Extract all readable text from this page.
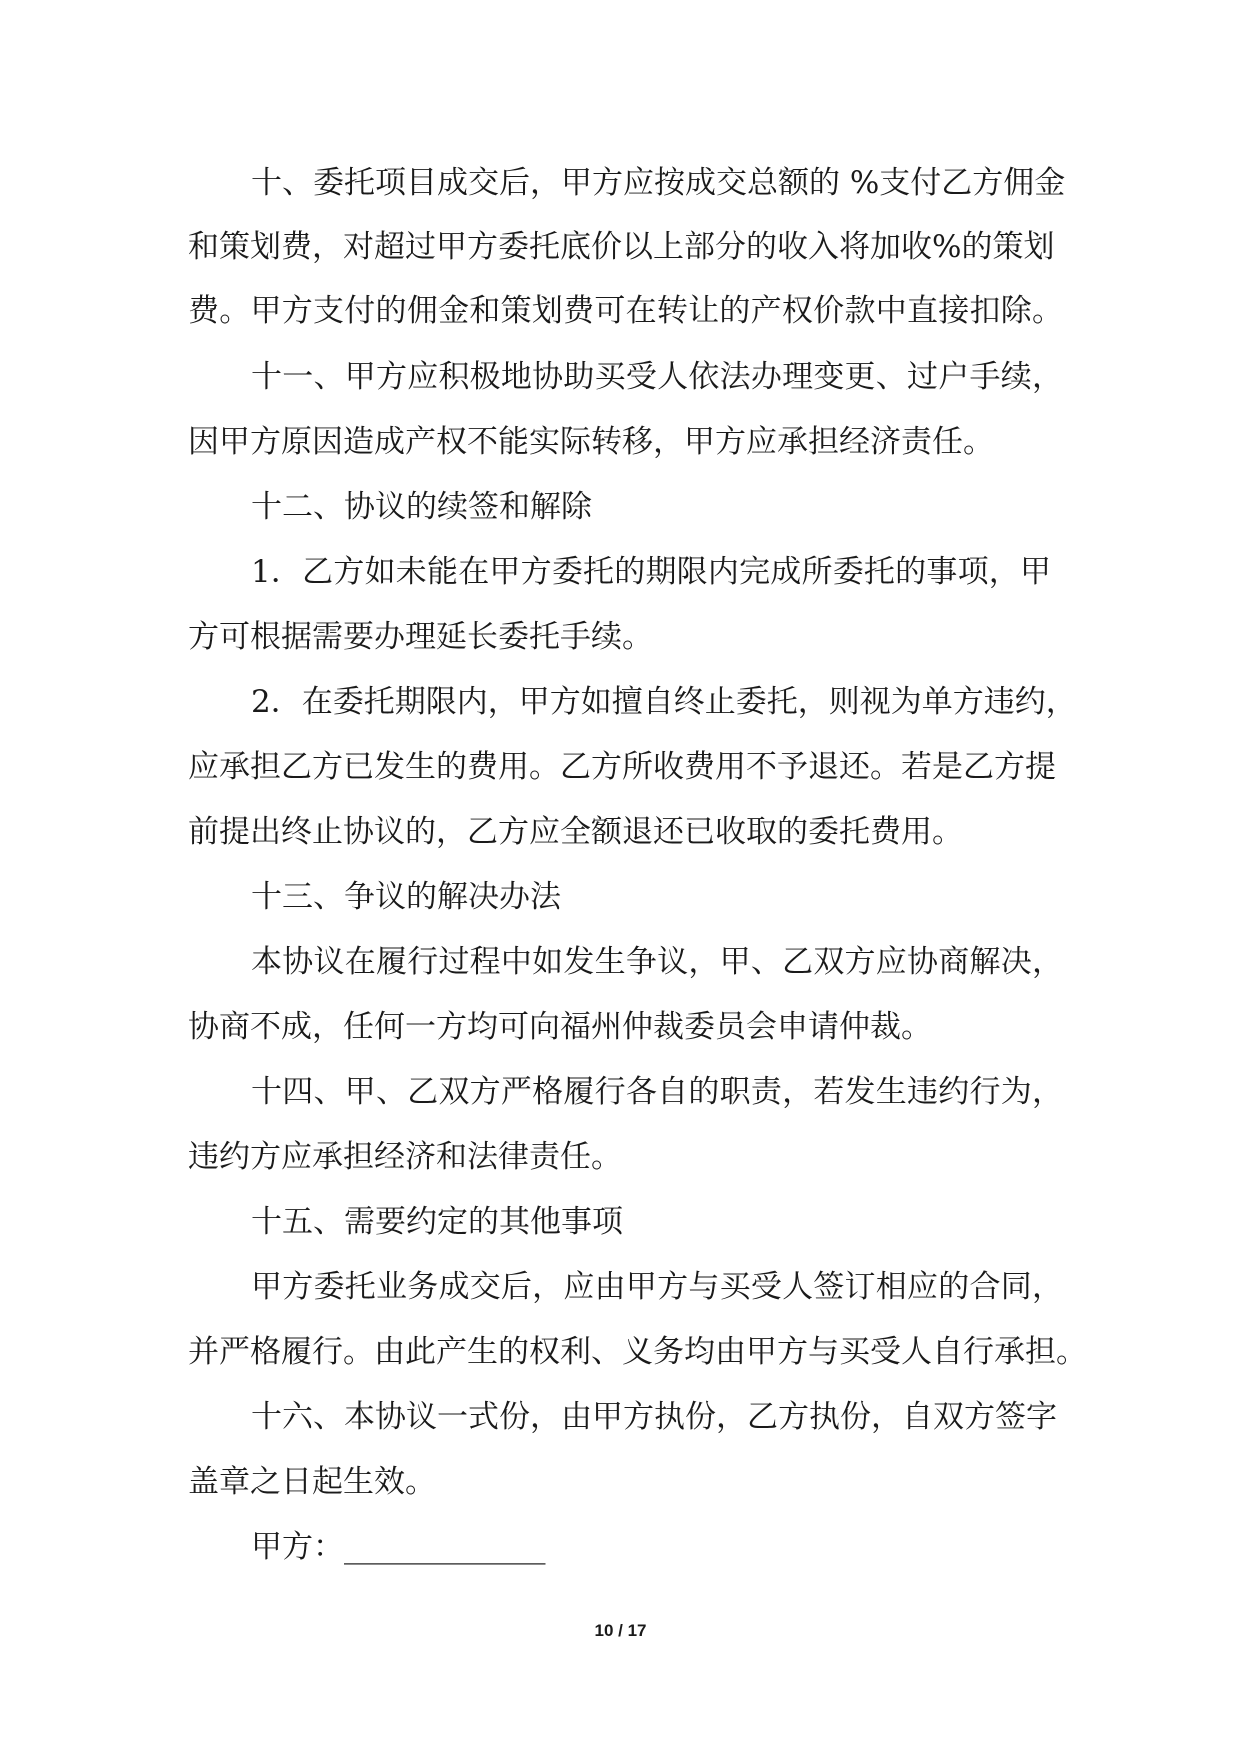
十、委托项目成交后，甲方应按成交总额的 %支付乙方佣金
和策划费，对超过甲方委托底价以上部分的收入将加收%的策划
费。甲方支付的佣金和策划费可在转让的产权价款中直接扣除。
十一、甲方应积极地协助买受人依法办理变更、过户手续，
因甲方原因造成产权不能实际转移，甲方应承担经济责任。
十二、协议的续签和解除
1．乙方如未能在甲方委托的期限内完成所委托的事项，甲
方可根据需要办理延长委托手续。
2．在委托期限内，甲方如擅自终止委托，则视为单方违约，
应承担乙方已发生的费用。乙方所收费用不予退还。若是乙方提
前提出终止协议的，乙方应全额退还已收取的委托费用。
十三、争议的解决办法
本协议在履行过程中如发生争议，甲、乙双方应协商解决，
协商不成，任何一方均可向福州仲裁委员会申请仲裁。
十四、甲、乙双方严格履行各自的职责，若发生违约行为，
违约方应承担经济和法律责任。
十五、需要约定的其他事项
甲方委托业务成交后，应由甲方与买受人签订相应的合同，
并严格履行。由此产生的权利、义务均由甲方与买受人自行承担。
十六、本协议一式份，由甲方执份，乙方执份，自双方签字
盖章之日起生效。
甲方：_____________
10 / 17
